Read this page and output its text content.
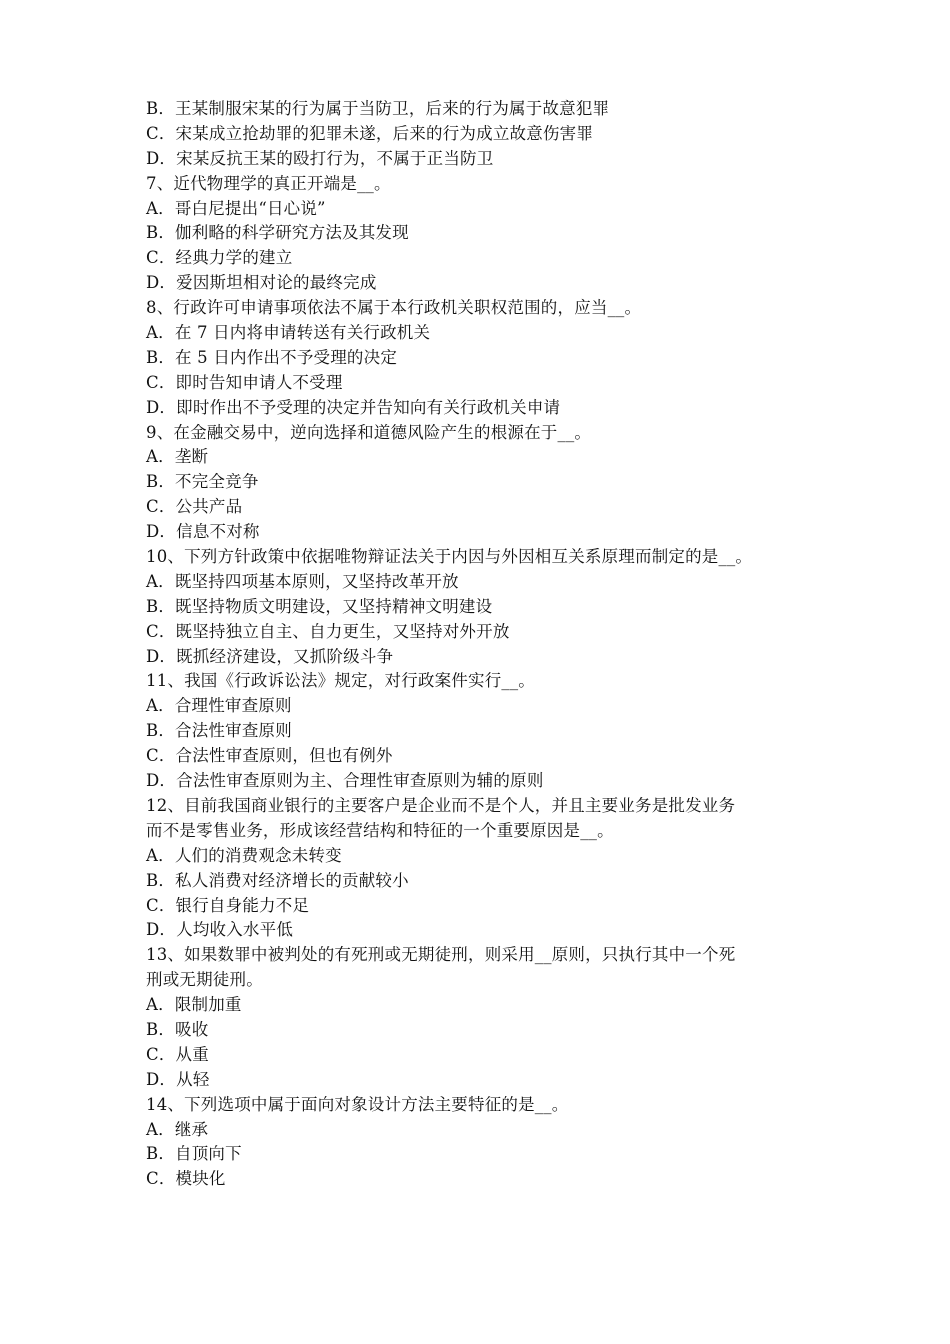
B．王某制服宋某的行为属于当防卫，后来的行为属于故意犯罪
C．宋某成立抢劫罪的犯罪未遂，后来的行为成立故意伤害罪
D．宋某反抗王某的殴打行为，不属于正当防卫
7、近代物理学的真正开端是__。
A．哥白尼提出“日心说”
B．伽利略的科学研究方法及其发现
C．经典力学的建立
D．爱因斯坦相对论的最终完成
8、行政许可申请事项依法不属于本行政机关职权范围的，应当__。
A．在 7 日内将申请转送有关行政机关
B．在 5 日内作出不予受理的决定
C．即时告知申请人不受理
D．即时作出不予受理的决定并告知向有关行政机关申请
9、在金融交易中，逆向选择和道德风险产生的根源在于__。
A．垄断
B．不完全竞争
C．公共产品
D．信息不对称
10、下列方针政策中依据唯物辩证法关于内因与外因相互关系原理而制定的是__。
A．既坚持四项基本原则，又坚持改革开放
B．既坚持物质文明建设，又坚持精神文明建设
C．既坚持独立自主、自力更生，又坚持对外开放
D．既抓经济建设，又抓阶级斗争
11、我国《行政诉讼法》规定，对行政案件实行__。
A．合理性审查原则
B．合法性审查原则
C．合法性审查原则，但也有例外
D．合法性审查原则为主、合理性审查原则为辅的原则
12、目前我国商业银行的主要客户是企业而不是个人，并且主要业务是批发业务
而不是零售业务，形成该经营结构和特征的一个重要原因是__。
A．人们的消费观念未转变
B．私人消费对经济增长的贡献较小
C．银行自身能力不足
D．人均收入水平低
13、如果数罪中被判处的有死刑或无期徒刑，则采用__原则，只执行其中一个死
刑或无期徒刑。
A．限制加重
B．吸收
C．从重
D．从轻
14、下列选项中属于面向对象设计方法主要特征的是__。
A．继承
B．自顶向下
C．模块化
